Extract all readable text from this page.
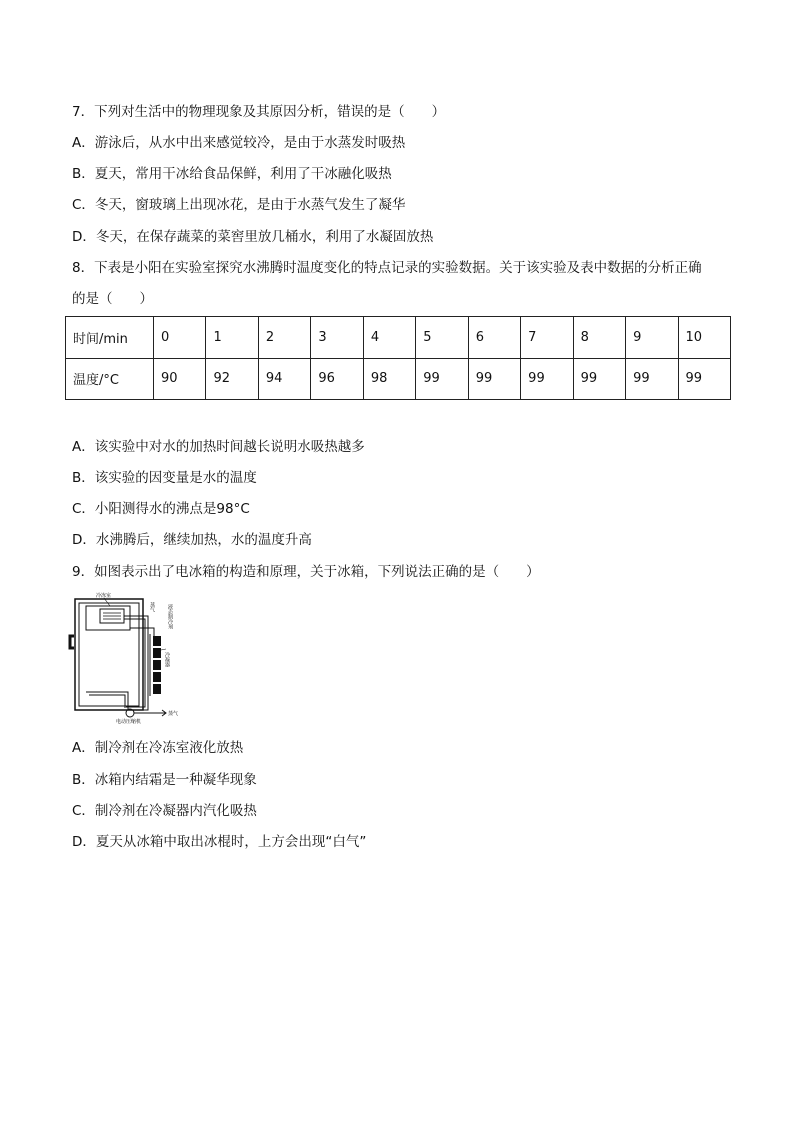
7．下列对生活中的物理现象及其原因分析，错误的是（　　）
A．游泳后，从水中出来感觉较冷，是由于水蒸发时吸热
B．夏天，常用干冰给食品保鲜，利用了干冰融化吸热
C．冬天，窗玻璃上出现冰花，是由于水蒸气发生了凝华
D．冬天，在保存蔬菜的菜窖里放几桶水，利用了水凝固放热
8．下表是小阳在实验室探究水沸腾时温度变化的特点记录的实验数据。关于该实验及表中数据的分析正确
的是（　　）
时间/min	0	1	2	3	4	5	6	7	8	9	10
温度/°C	90	92	94	96	98	99	99	99	99	99	99
A．该实验中对水的加热时间越长说明水吸热越多
B．该实验的因变量是水的温度
C．小阳测得水的沸点是98°C
D．水沸腾后，继续加热，水的温度升高
9．如图表示出了电冰箱的构造和原理，关于冰箱，下列说法正确的是（　　）
冷冻室
蒸气 液态制冷剂
冷凝器
蒸气
电动压缩机
A．制冷剂在冷冻室液化放热
B．冰箱内结霜是一种凝华现象
C．制冷剂在冷凝器内汽化吸热
D．夏天从冰箱中取出冰棍时，上方会出现“白气”
